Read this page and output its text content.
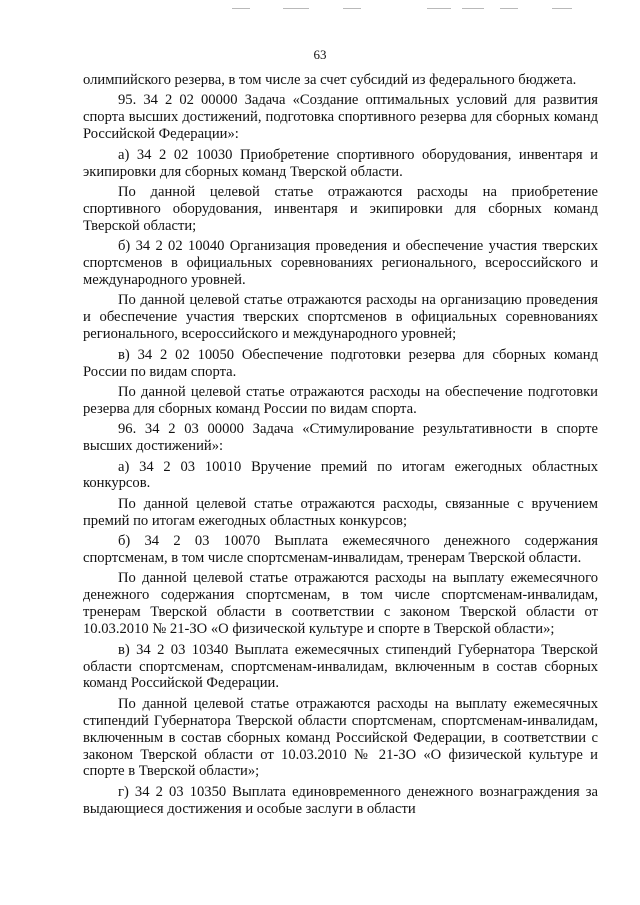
63

олимпийского резерва, в том числе за счет субсидий из федерального бюджета.

95. 34 2 02 00000 Задача «Создание оптимальных условий для развития спорта высших достижений, подготовка спортивного резерва для сборных команд Российской Федерации»:

а) 34 2 02 10030 Приобретение спортивного оборудования, инвентаря и экипировки для сборных команд Тверской области.

По данной целевой статье отражаются расходы на приобретение спортивного оборудования, инвентаря и экипировки для сборных команд Тверской области;

б) 34 2 02 10040 Организация проведения и обеспечение участия тверских спортсменов в официальных соревнованиях регионального, всероссийского и международного уровней.

По данной целевой статье отражаются расходы на организацию проведения и обеспечение участия тверских спортсменов в официальных соревнованиях регионального, всероссийского и международного уровней;

в) 34 2 02 10050 Обеспечение подготовки резерва для сборных команд России по видам спорта.

По данной целевой статье отражаются расходы на обеспечение подготовки резерва для сборных команд России по видам спорта.

96. 34 2 03 00000 Задача «Стимулирование результативности в спорте высших достижений»:

а) 34 2 03 10010 Вручение премий по итогам ежегодных областных конкурсов.

По данной целевой статье отражаются расходы, связанные с вручением премий по итогам ежегодных областных конкурсов;

б) 34 2 03 10070 Выплата ежемесячного денежного содержания спортсменам, в том числе спортсменам-инвалидам, тренерам Тверской области.

По данной целевой статье отражаются расходы на выплату ежемесячного денежного содержания спортсменам, в том числе спортсменам-инвалидам, тренерам Тверской области в соответствии с законом Тверской области от 10.03.2010 № 21-ЗО «О физической культуре и спорте в Тверской области»;

в) 34 2 03 10340 Выплата ежемесячных стипендий Губернатора Тверской области спортсменам, спортсменам-инвалидам, включенным в состав сборных команд Российской Федерации.

По данной целевой статье отражаются расходы на выплату ежемесячных стипендий Губернатора Тверской области спортсменам, спортсменам-инвалидам, включенным в состав сборных команд Российской Федерации, в соответствии с законом Тверской области от 10.03.2010 № 21-ЗО «О физической культуре и спорте в Тверской области»;

г) 34 2 03 10350 Выплата единовременного денежного вознаграждения за выдающиеся достижения и особые заслуги в области
